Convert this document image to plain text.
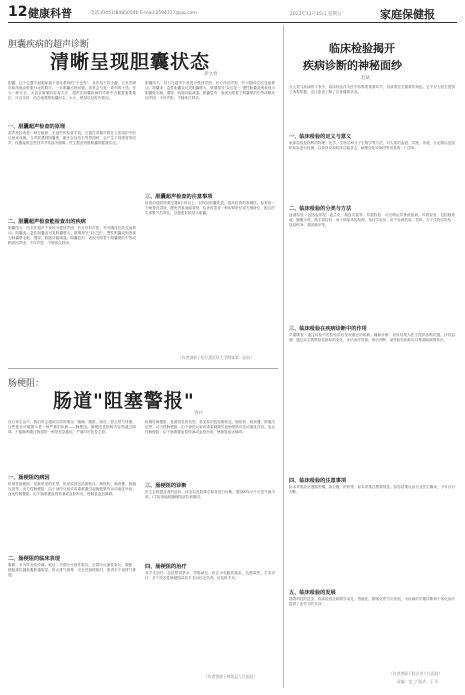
12 健康科普	电话:(0451)84850546 E-mail:2594717@qq.com	2023年12月15日 星期五	家庭保健报
胆囊疾病的超声诊断
清晰呈现胆囊状态
胡文春
胆囊，这个位置不起眼却属于消化系统的"小仓库"，其作用不容小觑，它负责储存和浓缩由肝脏分泌的胆汁。一旦胆囊出现问题，常常会引发一系列的不适。作为一种安全、无创且简便的检查方法，超声在胆囊疾病的诊断中占据着重要地位，可以实时、动态地观察胆囊形态、大小、壁厚以及腔内情况。
一、胆囊超声检查的原理
超声波检查是一种无辐射、无创伤的检查手段，它通过高频声波在人体组织中的反射来成像。当声波遇到胆囊壁、胆汁以及结石等界面时，会产生不同强度的回声，仪器接收这些回声并转换为图像，医生据此判断胆囊的健康状况。
二、胆囊超声检查能检查出的疾病
胆囊结石：结石在超声下表现为强回声团，后方伴有声影，并可随体位改变而移动。胆囊炎：急性胆囊炎可见胆囊增大、壁增厚呈"双边征"；慢性胆囊炎则表现为胆囊壁毛糙、增厚，收缩功能减退。胆囊息肉：表现为附着于胆囊壁的中等或稍高回声团，不伴声影，不随体位移动。
胆囊结石：结石在超声下表现为强回声团，后方伴有声影，并可随体位改变而移动。胆囊炎：急性胆囊炎可见胆囊增大、壁增厚呈"双边征"；慢性胆囊炎则表现为胆囊壁毛糙、增厚，收缩功能减退。胆囊息肉：表现为附着于胆囊壁的中等或稍高回声团，不伴声影，不随体位移动。
三、胆囊超声检查的注意事项
检查前通常需要空腹8小时以上，以保证胆囊充盈，提高检查的准确性。检查前一天晚餐宜清淡，避免进食油腻食物。检查时患者一般取仰卧位或左侧卧位，配合医生深吸气后屏住，以便更好地显示胆囊。
（作者供职于哈尔滨医科大学附属第一医院）
肠梗阻：
肠道"阻塞警报"
曾兵
在日常生活中，我们常会遇到这样的情况：腹痛、腹胀、呕吐、停止排气排便。这些症状可能提示着一种严重的疾病——肠梗阻。肠梗阻是指肠内容物通过障碍，不能顺利通过肠道的一种常见急腹症，严重时可危及生命。
一、肠梗阻的病因
机械性肠梗阻：是最常见的类型，常见原因包括肠粘连、肠扭转、肠套叠、肿瘤压迫等。动力性肠梗阻：由于神经反射或毒素刺激引起肠壁肌肉运动紊乱所致。血运性肠梗阻：由于肠系膜血管栓塞或血栓形成，使肠管血运障碍。
二、肠梗阻的临床表现
腹痛：多为阵发性绞痛。呕吐：早期为反射性呕吐，后期为反流性呕吐。腹胀：梗阻部位越低腹胀越明显。停止排气排便：完全性肠梗阻时，患者多不再排气排便。
机械性肠梗阻：是最常见的类型，常见原因包括肠粘连、肠扭转、肠套叠、肿瘤压迫等。动力性肠梗阻：由于神经反射或毒素刺激引起肠壁肌肉运动紊乱所致。血运性肠梗阻：由于肠系膜血管栓塞或血栓形成，使肠管血运障碍。
三、肠梗阻的诊断
医生会根据患者的症状、体征以及影像学检查进行诊断。腹部X线平片可见气液平面，CT检查能明确梗阻部位和原因。
四、肠梗阻的治疗
非手术治疗：包括禁食禁水、胃肠减压、纠正水电解质紊乱、抗感染等。手术治疗：对于绞窄性肠梗阻或非手术治疗无效者，应及时手术。
（作者供职于射阳县人民医院）
临床检验揭开
疾病诊断的神秘面纱
赵斌
在人类与疾病的斗争中，临床检验作为医学诊断的重要环节，扮演着至关重要的角色。它不仅为医生提供了客观依据，也让患者了解了自身健康状况。
一、临床检验的定义与意义
临床检验是指利用物理、化学、生物学和分子生物学等方法，对人体的血液、尿液、体液、分泌物以及组织标本进行检测，以获得反映机体功能状态、病理变化或病因等信息的一门学科。
二、临床检验的分类与方法
血液检验：包括血常规、血生化、凝血功能等。尿液检验：可反映泌尿系统疾病。体液检验：包括脑脊液、胸腹水等。微生物检验：用于病原体的检测。免疫学检验：用于检测抗原、抗体。分子生物学检验：包括PCR、基因测序等。
三、临床检验在疾病诊断中的作用
早期筛查：通过体检中的检验项目发现潜在的疾病。辅助诊断：检验结果为医生提供诊断依据。疗效监测：通过动态观察检验指标的变化，评估治疗效果。预后判断：某些检验指标可以预测疾病的转归。
四、临床检验的注意事项
标本采集前应遵循医嘱，如空腹、停药等。标本采集过程要规范。检验结果应由专业医生解读，不可自行判断。
五、临床检验的发展
随着科技的进步，临床检验正朝着自动化、智能化、精准化的方向发展，为疾病的早期诊断和个体化治疗提供了更有力的支持。
（作者供职于临沂市人民医院）
责编：包 宁 版式：王 军
